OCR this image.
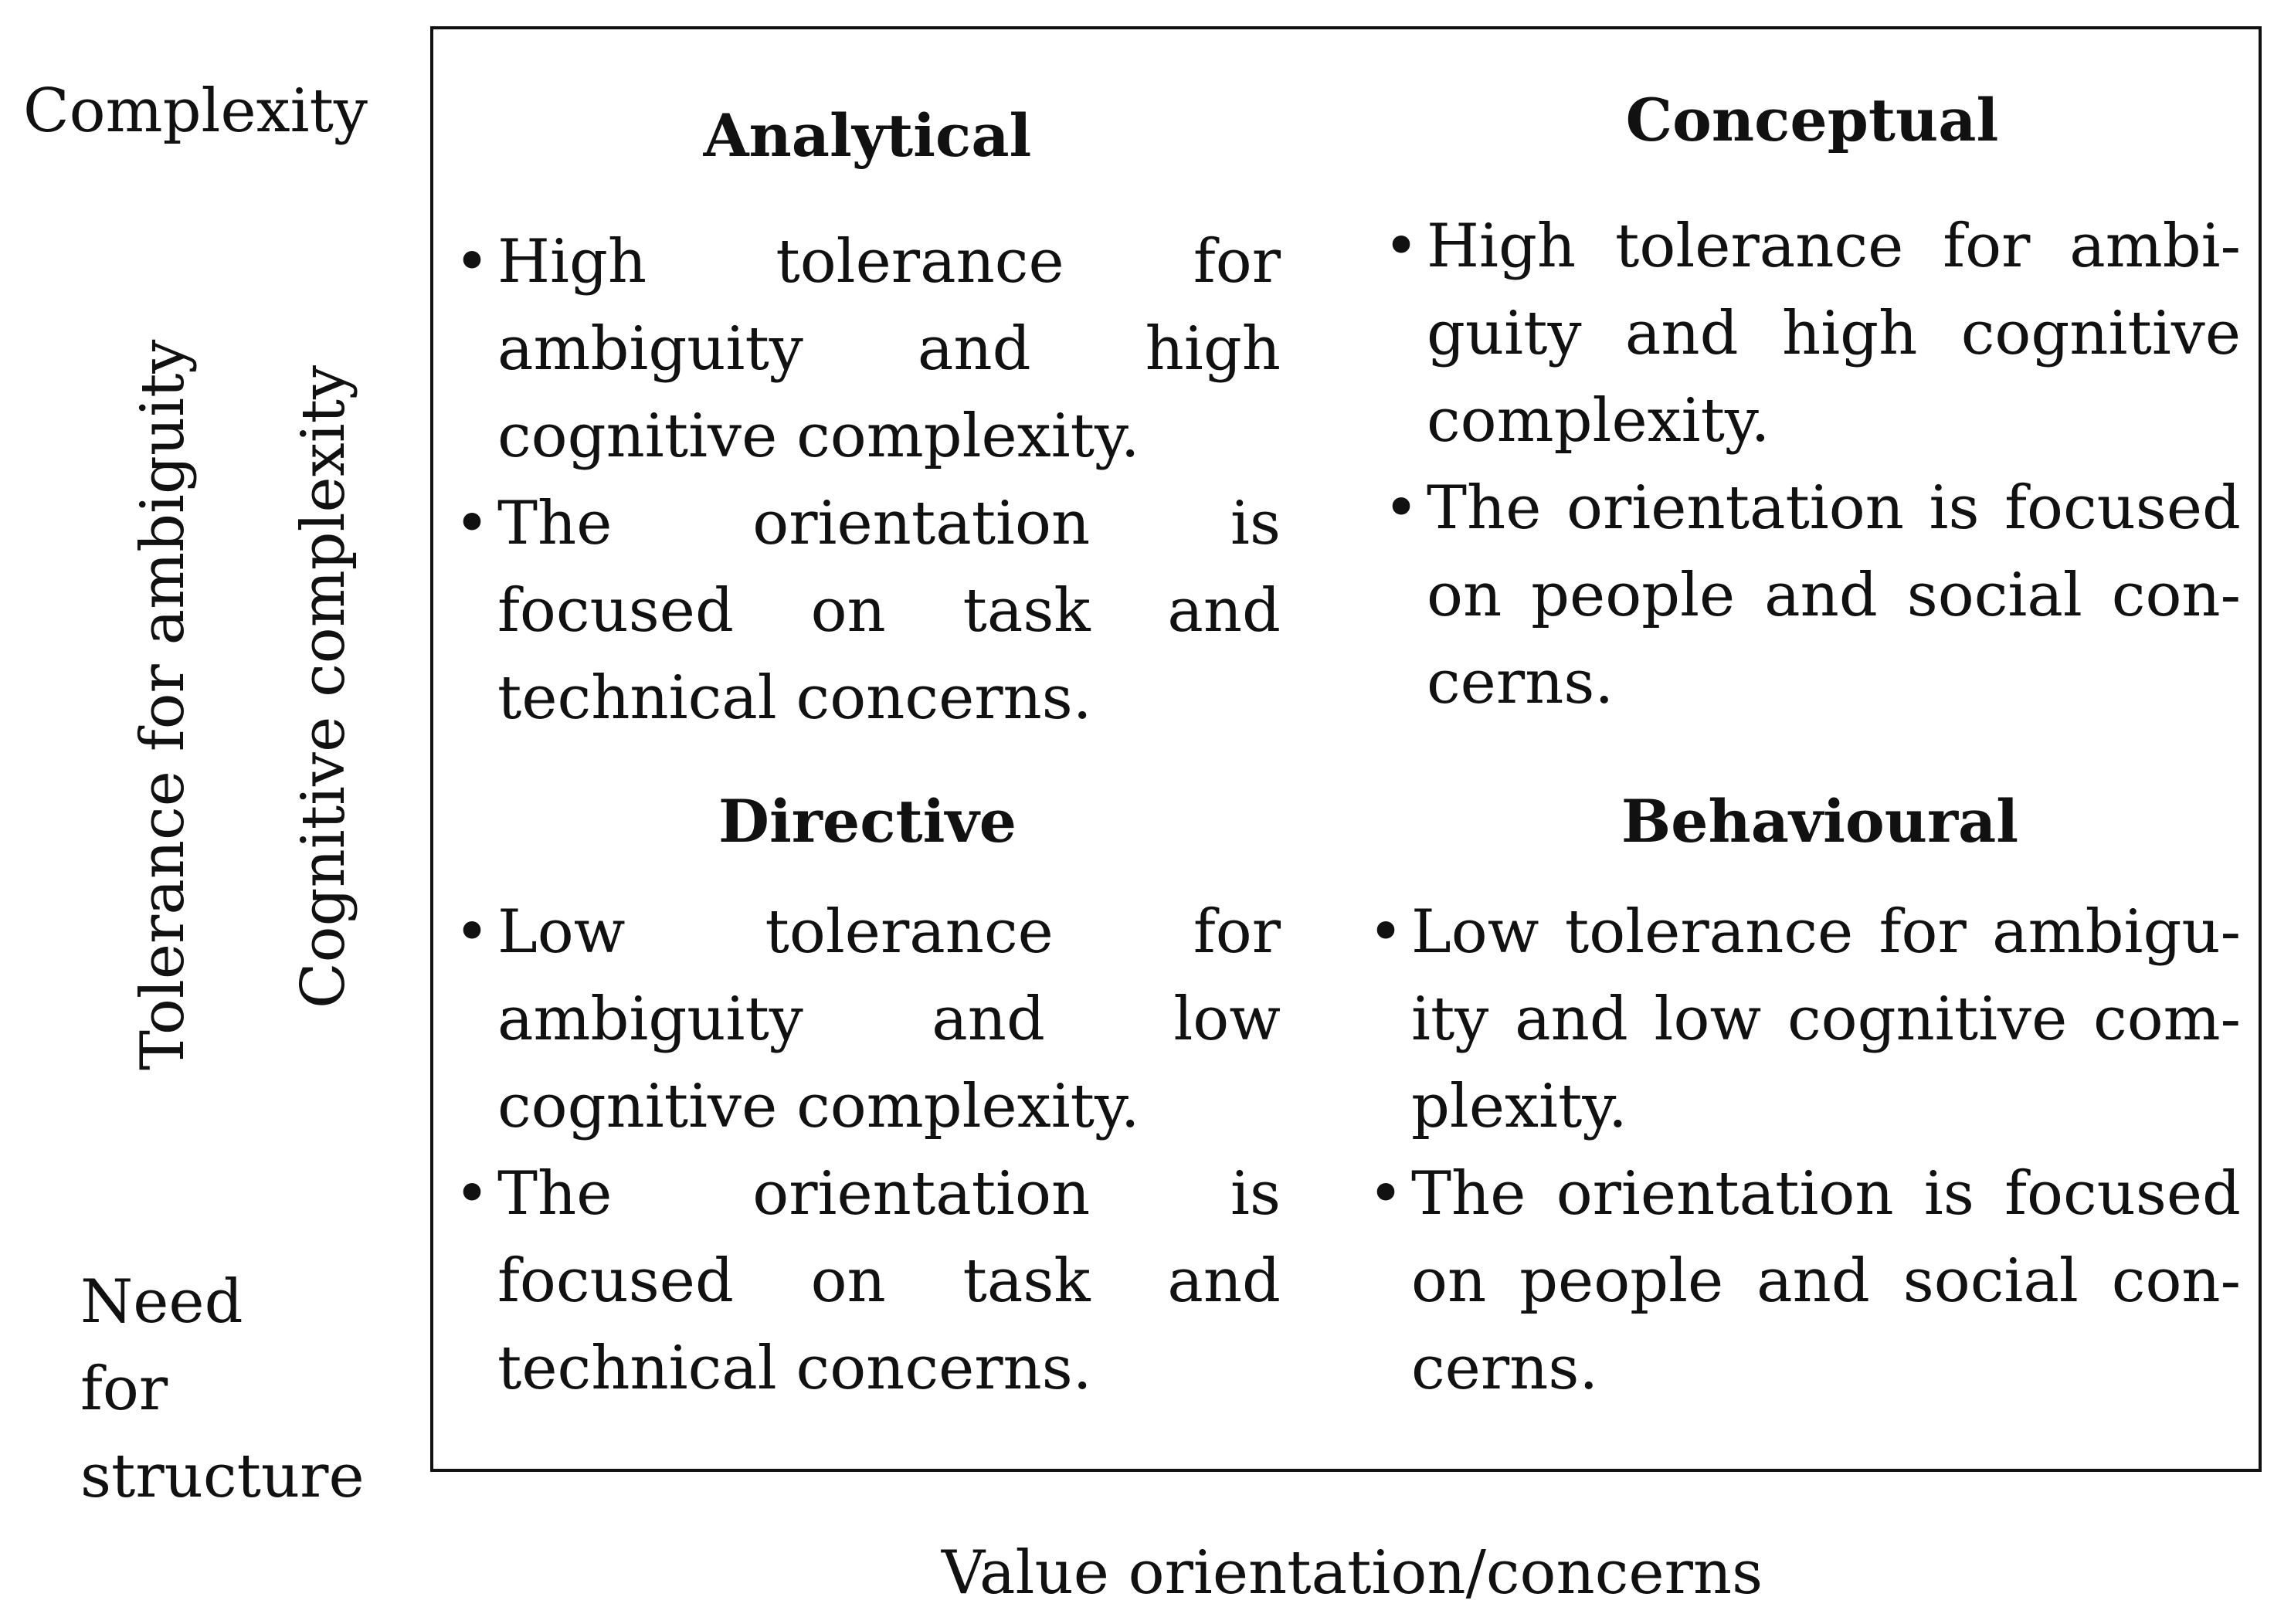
Complexity
Tolerance for ambiguity Cognitive complexity
Need for
structure
Analytical
• High tolerance for ambiguity and high cognitive complexity.
• The orientation is focused on task and technical concerns.
Conceptual
• High tolerance for ambiguity and high cognitive complexity.
• The orientation is focused on people and social concerns.
Directive
• Low tolerance for ambiguity and low cognitive complexity.
• The orientation is focused on task and technical concerns.
Behavioural
• Low tolerance for ambiguity and low cognitive complexity.
• The orientation is focused on people and social concerns.
Value orientation/concerns
